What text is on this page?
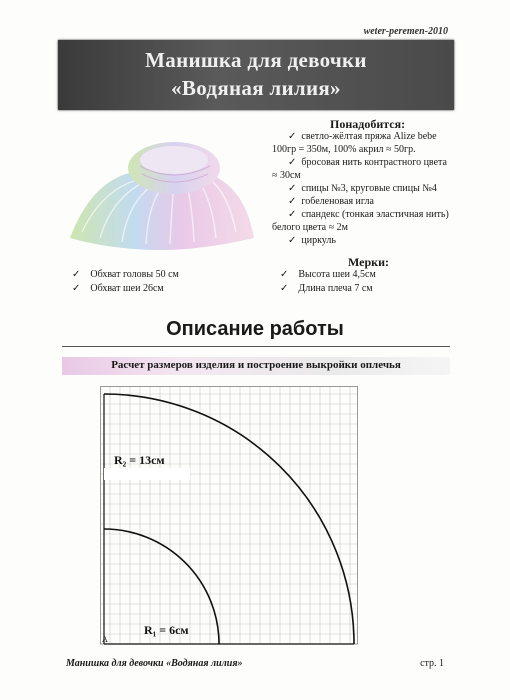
weter-peremen-2010
Манишка для девочки
«Водяная лилия»
Понадобится:
✓ светло-жёлтая пряжа Alize bebe
100гр = 350м, 100% акрил ≈ 50гр.
✓ бросовая нить контрастного цвета
≈ 30см
✓ спицы №3, круговые спицы №4
✓ гобеленовая игла
✓ спандекс (тонкая эластичная нить)
белого цвета ≈ 2м
✓ циркуль
✓
Обхват головы 50 см
✓
Обхват шеи 26см
Мерки:
✓
Высота шеи 4,5см
✓
Длина плеча 7 см
Описание работы
Расчет размеров изделия и построение выкройки оплечья
R₂ = 13см
R₁ = 6см
A
Манишка для девочки «Водяная лилия»	стр. 1
